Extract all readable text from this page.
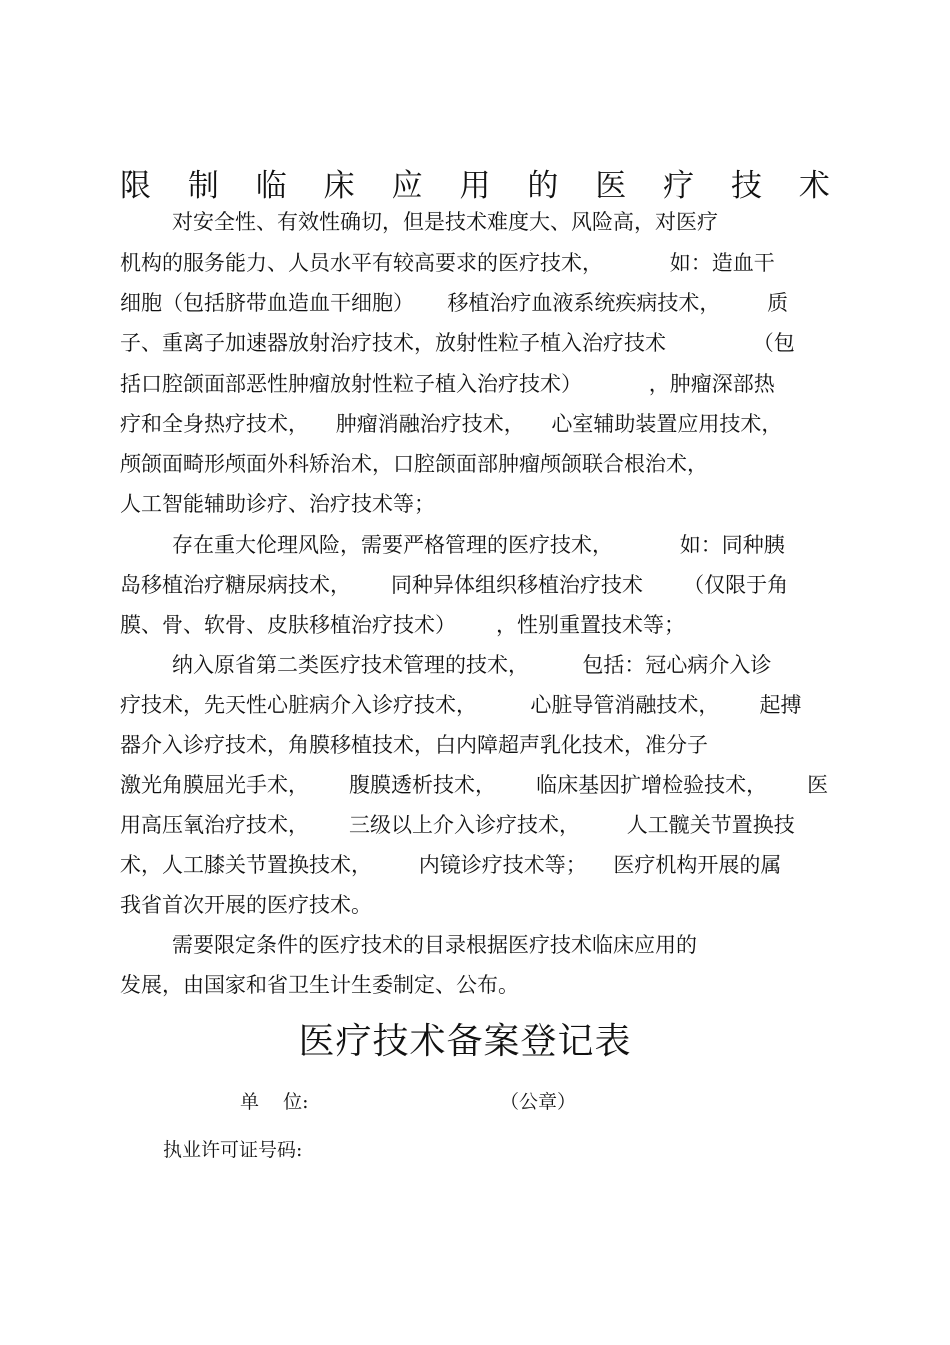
限 制 临 床 应 用 的 医 疗 技 术
对安全性、有效性确切，但是技术难度大、风险高，对医疗
机构的服务能力、人员水平有较高要求的医疗技术，          如：造血干
细胞（包括脐带血造血干细胞）     移植治疗血液系统疾病技术，       质
子、重离子加速器放射治疗技术，放射性粒子植入治疗技术             （包
括口腔颌面部恶性肿瘤放射性粒子植入治疗技术）          ，肿瘤深部热
疗和全身热疗技术，    肿瘤消融治疗技术，    心室辅助装置应用技术，
颅颌面畸形颅面外科矫治术，口腔颌面部肿瘤颅颌联合根治术，
人工智能辅助诊疗、治疗技术等；
存在重大伦理风险，需要严格管理的医疗技术，          如：同种胰
岛移植治疗糖尿病技术，      同种异体组织移植治疗技术      （仅限于角
膜、骨、软骨、皮肤移植治疗技术）      ，性别重置技术等；
纳入原省第二类医疗技术管理的技术，        包括：冠心病介入诊
疗技术，先天性心脏病介入诊疗技术，        心脏导管消融技术，      起搏
器介入诊疗技术，角膜移植技术，白内障超声乳化技术，准分子
激光角膜屈光手术，      腹膜透析技术，      临床基因扩增检验技术，      医
用高压氧治疗技术，      三级以上介入诊疗技术，       人工髋关节置换技
术，人工膝关节置换技术，       内镜诊疗技术等；    医疗机构开展的属
我省首次开展的医疗技术。
需要限定条件的医疗技术的目录根据医疗技术临床应用的
发展，由国家和省卫生计生委制定、公布。
医疗技术备案登记表
单    位:	（公章）
执业许可证号码:
